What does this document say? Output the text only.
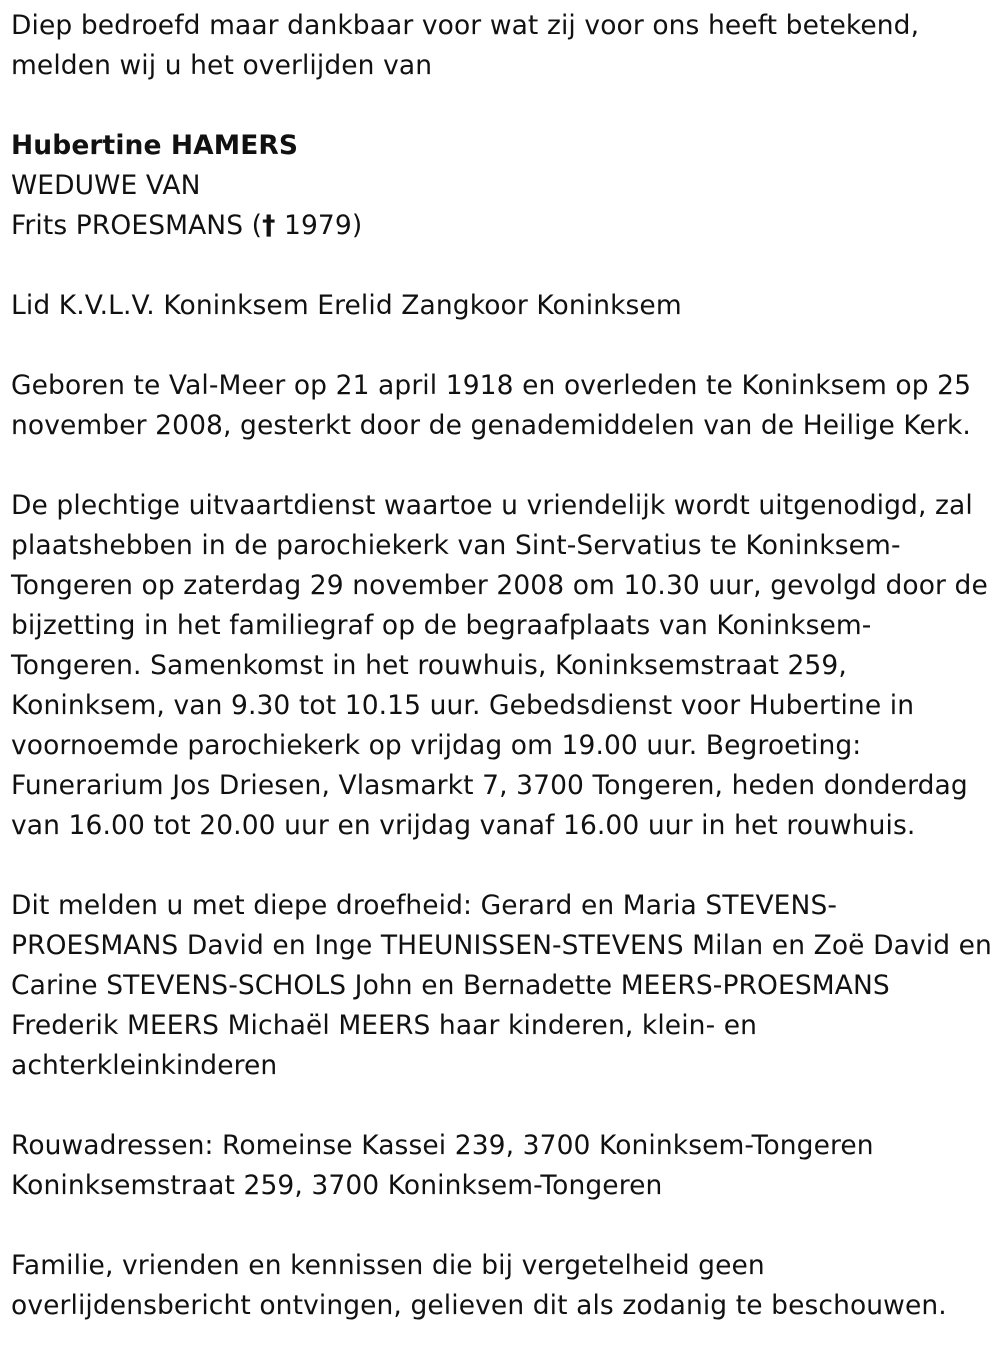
Diep bedroefd maar dankbaar voor wat zij voor ons heeft betekend,
melden wij u het overlijden van

Hubertine HAMERS

WEDUWE VAN

Frits PROESMANS († 1979)

Lid K.V.L.V. Koninksem Erelid Zangkoor Koninksem

Geboren te Val-Meer op 21 april 1918 en overleden te Koninksem op 25
november 2008, gesterkt door de genademiddelen van de Heilige Kerk.

De plechtige uitvaartdienst waartoe u vriendelijk wordt uitgenodigd, zal
plaatshebben in de parochiekerk van Sint-Servatius te Koninksem-
Tongeren op zaterdag 29 november 2008 om 10.30 uur, gevolgd door de
bijzetting in het familiegraf op de begraafplaats van Koninksem-
Tongeren. Samenkomst in het rouwhuis, Koninksemstraat 259,
Koninksem, van 9.30 tot 10.15 uur. Gebedsdienst voor Hubertine in
voornoemde parochiekerk op vrijdag om 19.00 uur. Begroeting:
Funerarium Jos Driesen, Vlasmarkt 7, 3700 Tongeren, heden donderdag
van 16.00 tot 20.00 uur en vrijdag vanaf 16.00 uur in het rouwhuis.

Dit melden u met diepe droefheid: Gerard en Maria STEVENS-
PROESMANS David en Inge THEUNISSEN-STEVENS Milan en Zoë David en
Carine STEVENS-SCHOLS John en Bernadette MEERS-PROESMANS
Frederik MEERS Michaël MEERS haar kinderen, klein- en
achterkleinkinderen

Rouwadressen: Romeinse Kassei 239, 3700 Koninksem-Tongeren
Koninksemstraat 259, 3700 Koninksem-Tongeren

Familie, vrienden en kennissen die bij vergetelheid geen
overlijdensbericht ontvingen, gelieven dit als zodanig te beschouwen.
